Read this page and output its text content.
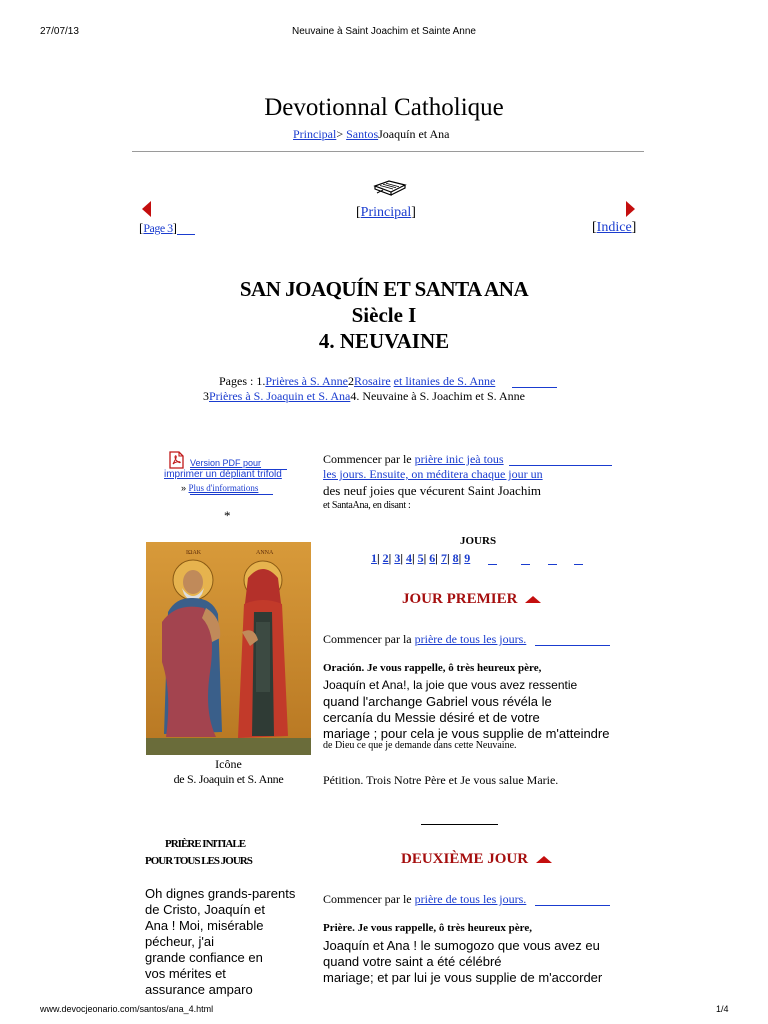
27/07/13	Neuvaine à Saint Joachim et Sainte Anne
Devotionnal Catholique
Principal> SantosJoaquín et Ana
[Principal]
[Page 3]	[Indice]
SAN JOAQUÍN ET SANTA ANA
Siècle I
4. NEUVAINE
Pages : 1.Prières à S. Anne2Rosaire et litanies de S. Anne
3Prières à S. Joaquin et S. Ana4. Neuvaine à S. Joachim et S. Anne
Version PDF pour
imprimer un dépliant trifold
» Plus d'informations
*
Commencer par le prière inic jeà tous
les jours. Ensuite, on méditera chaque jour un
des neuf joies que vécurent Saint Joachim
et SantaAna, en disant :
ΙΩΑΚ	ΑΝΝΑ
Icône
de S. Joaquin et S. Anne
JOURS
1| 2| 3| 4| 5| 6| 7| 8| 9
JOUR PREMIER
Commencer par la prière de tous les jours.
Oración. Je vous rappelle, ô très heureux père,
Joaquín et Ana!, la joie que vous avez ressentie
quand l'archange Gabriel vous révéla le
cercanía du Messie désiré et de votre
mariage ; pour cela je vous supplie de m'atteindre
de Dieu ce que je demande dans cette Neuvaine.
Pétition. Trois Notre Père et Je vous salue Marie.
PRIÈRE INITIALE
POUR TOUS LES JOURS
Oh dignes grands-parents
de Cristo, Joaquín et
Ana ! Moi, misérable
pécheur, j'ai
grande confiance en
vos mérites et
assurance amparo
DEUXIÈME JOUR
Commencer par le prière de tous les jours.
Prière. Je vous rappelle, ô très heureux père,
Joaquín et Ana ! le sumogozo que vous avez eu
quand votre saint a été célébré
mariage; et par lui je vous supplie de m'accorder
www.devocjeonario.com/santos/ana_4.html	1/4
